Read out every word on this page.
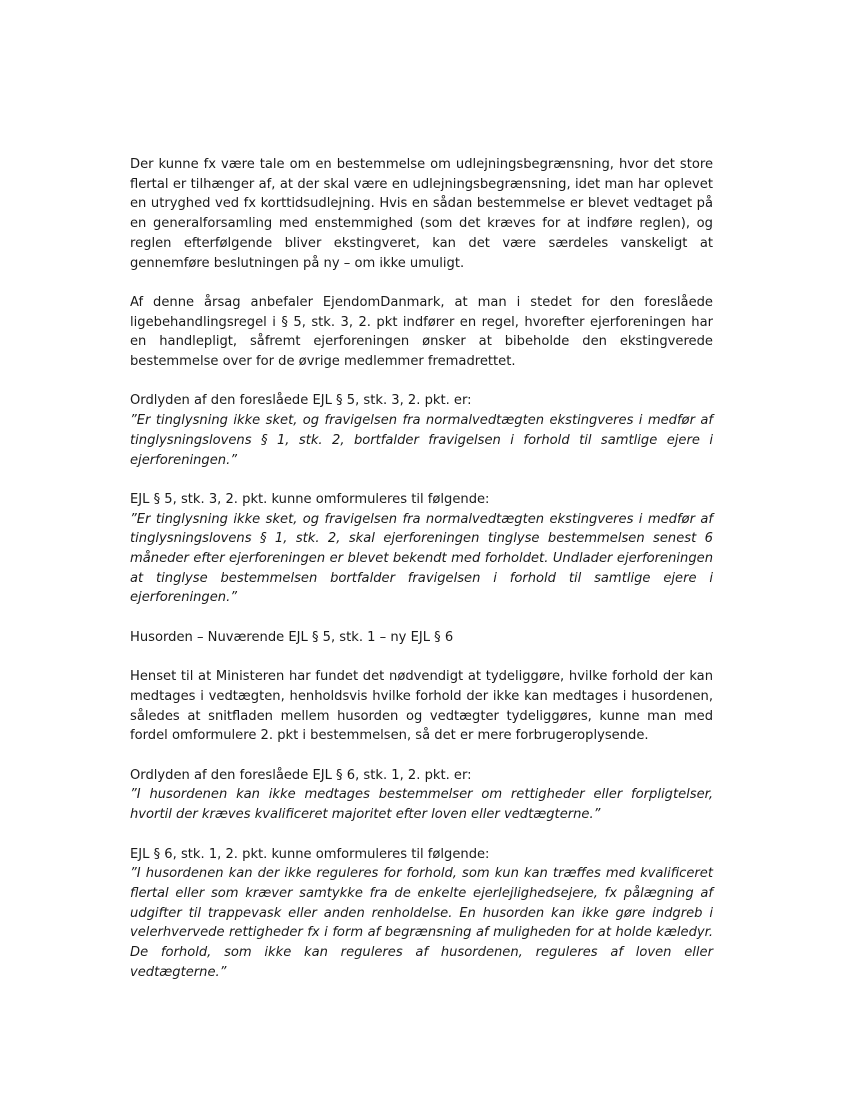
Der kunne fx være tale om en bestemmelse om udlejningsbegrænsning, hvor det store flertal er tilhænger af, at der skal være en udlejningsbegrænsning, idet man har oplevet en utryghed ved fx korttidsudlejning. Hvis en sådan bestemmelse er blevet vedtaget på en generalforsamling med enstemmighed (som det kræves for at indføre reglen), og reglen efterfølgende bliver ekstingveret, kan det være særdeles vanskeligt at gennemføre beslutningen på ny – om ikke umuligt.

Af denne årsag anbefaler EjendomDanmark, at man i stedet for den foreslåede ligebehandlingsregel i § 5, stk. 3, 2. pkt indfører en regel, hvorefter ejerforeningen har en handlepligt, såfremt ejerforeningen ønsker at bibeholde den ekstingverede bestemmelse over for de øvrige medlemmer fremadrettet.

Ordlyden af den foreslåede EJL § 5, stk. 3, 2. pkt. er:

”Er tinglysning ikke sket, og fravigelsen fra normalvedtægten ekstingveres i medfør af tinglysningslovens § 1, stk. 2, bortfalder fravigelsen i forhold til samtlige ejere i ejerforeningen.”

EJL § 5, stk. 3, 2. pkt. kunne omformuleres til følgende:

”Er tinglysning ikke sket, og fravigelsen fra normalvedtægten ekstingveres i medfør af tinglysningslovens § 1, stk. 2, skal ejerforeningen tinglyse bestemmelsen senest 6 måneder efter ejerforeningen er blevet bekendt med forholdet. Undlader ejerforeningen at tinglyse bestemmelsen bortfalder fravigelsen i forhold til samtlige ejere i ejerforeningen.”

Husorden – Nuværende EJL § 5, stk. 1 – ny EJL § 6

Henset til at Ministeren har fundet det nødvendigt at tydeliggøre, hvilke forhold der kan medtages i vedtægten, henholdsvis hvilke forhold der ikke kan medtages i husordenen, således at snitfladen mellem husorden og vedtægter tydeliggøres, kunne man med fordel omformulere 2. pkt i bestemmelsen, så det er mere forbrugeroplysende.

Ordlyden af den foreslåede EJL § 6, stk. 1, 2. pkt. er:

”I husordenen kan ikke medtages bestemmelser om rettigheder eller forpligtelser, hvortil der kræves kvalificeret majoritet efter loven eller vedtægterne.”

EJL § 6, stk. 1, 2. pkt. kunne omformuleres til følgende:

”I husordenen kan der ikke reguleres for forhold, som kun kan træffes med kvalificeret flertal eller som kræver samtykke fra de enkelte ejerlejlighedsejere, fx pålægning af udgifter til trappevask eller anden renholdelse. En husorden kan ikke gøre indgreb i velerhvervede rettigheder fx i form af begrænsning af muligheden for at holde kæledyr. De forhold, som ikke kan reguleres af husordenen, reguleres af loven eller vedtægterne.”
